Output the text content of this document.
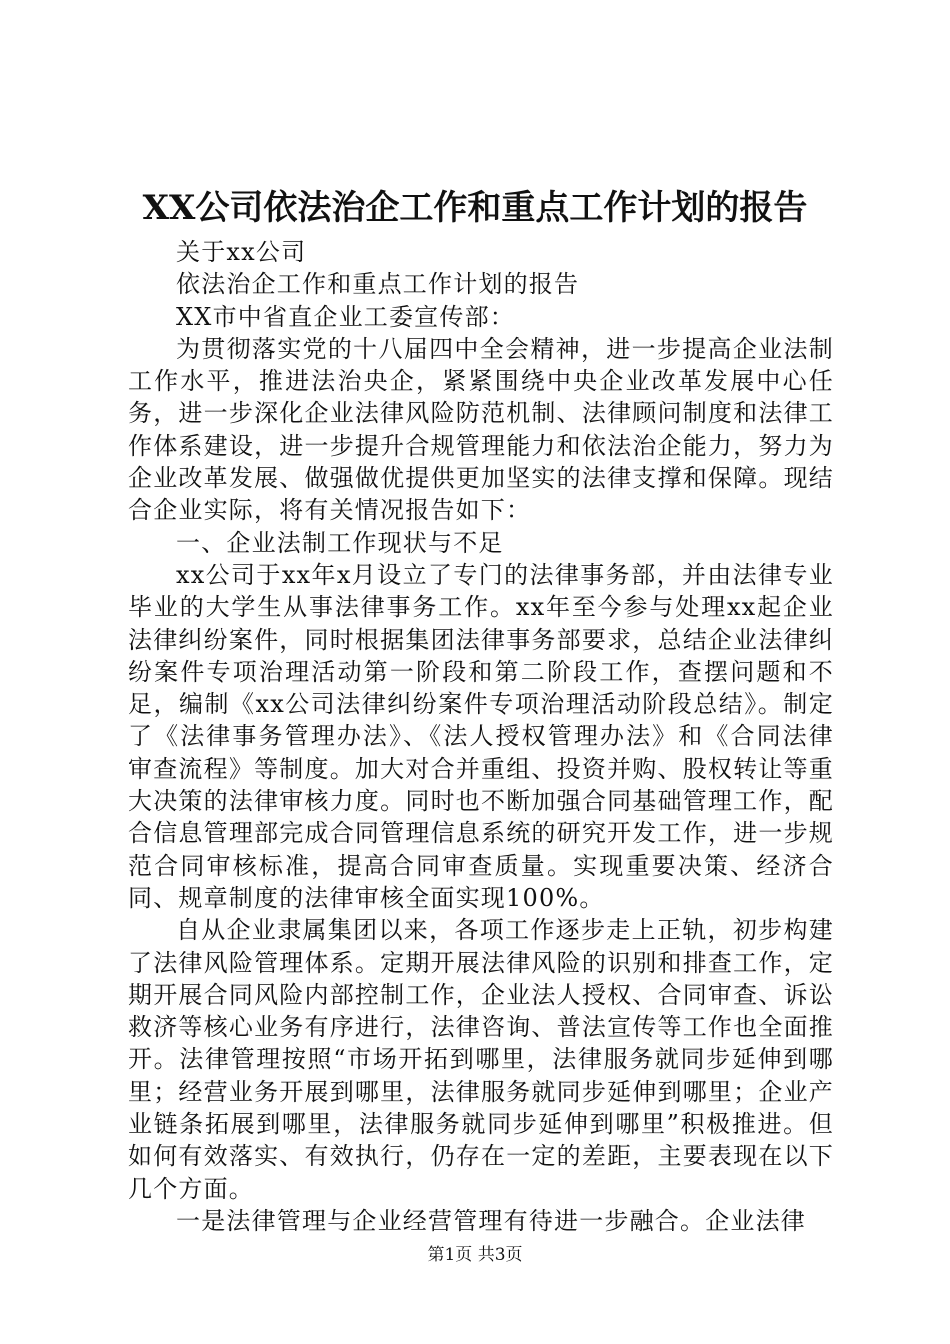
XX公司依法治企工作和重点工作计划的报告

关于xx公司

依法治企工作和重点工作计划的报告

XX市中省直企业工委宣传部：

为贯彻落实党的十八届四中全会精神，进一步提高企业法制工作水平，推进法治央企，紧紧围绕中央企业改革发展中心任务，进一步深化企业法律风险防范机制、法律顾问制度和法律工作体系建设，进一步提升合规管理能力和依法治企能力，努力为企业改革发展、做强做优提供更加坚实的法律支撑和保障。现结合企业实际，将有关情况报告如下：

一、企业法制工作现状与不足

xx公司于xx年x月设立了专门的法律事务部，并由法律专业毕业的大学生从事法律事务工作。xx年至今参与处理xx起企业法律纠纷案件，同时根据集团法律事务部要求，总结企业法律纠纷案件专项治理活动第一阶段和第二阶段工作，查摆问题和不足，编制《xx公司法律纠纷案件专项治理活动阶段总结》。制定了《法律事务管理办法》、《法人授权管理办法》和《合同法律审查流程》等制度。加大对合并重组、投资并购、股权转让等重大决策的法律审核力度。同时也不断加强合同基础管理工作，配合信息管理部完成合同管理信息系统的研究开发工作，进一步规范合同审核标准，提高合同审查质量。实现重要决策、经济合同、规章制度的法律审核全面实现100%。

自从企业隶属集团以来，各项工作逐步走上正轨，初步构建了法律风险管理体系。定期开展法律风险的识别和排查工作，定期开展合同风险内部控制工作，企业法人授权、合同审查、诉讼救济等核心业务有序进行，法律咨询、普法宣传等工作也全面推开。法律管理按照“市场开拓到哪里，法律服务就同步延伸到哪里；经营业务开展到哪里，法律服务就同步延伸到哪里；企业产业链条拓展到哪里，法律服务就同步延伸到哪里”积极推进。但如何有效落实、有效执行，仍存在一定的差距，主要表现在以下几个方面。

一是法律管理与企业经营管理有待进一步融合。企业法律

第1页 共3页
